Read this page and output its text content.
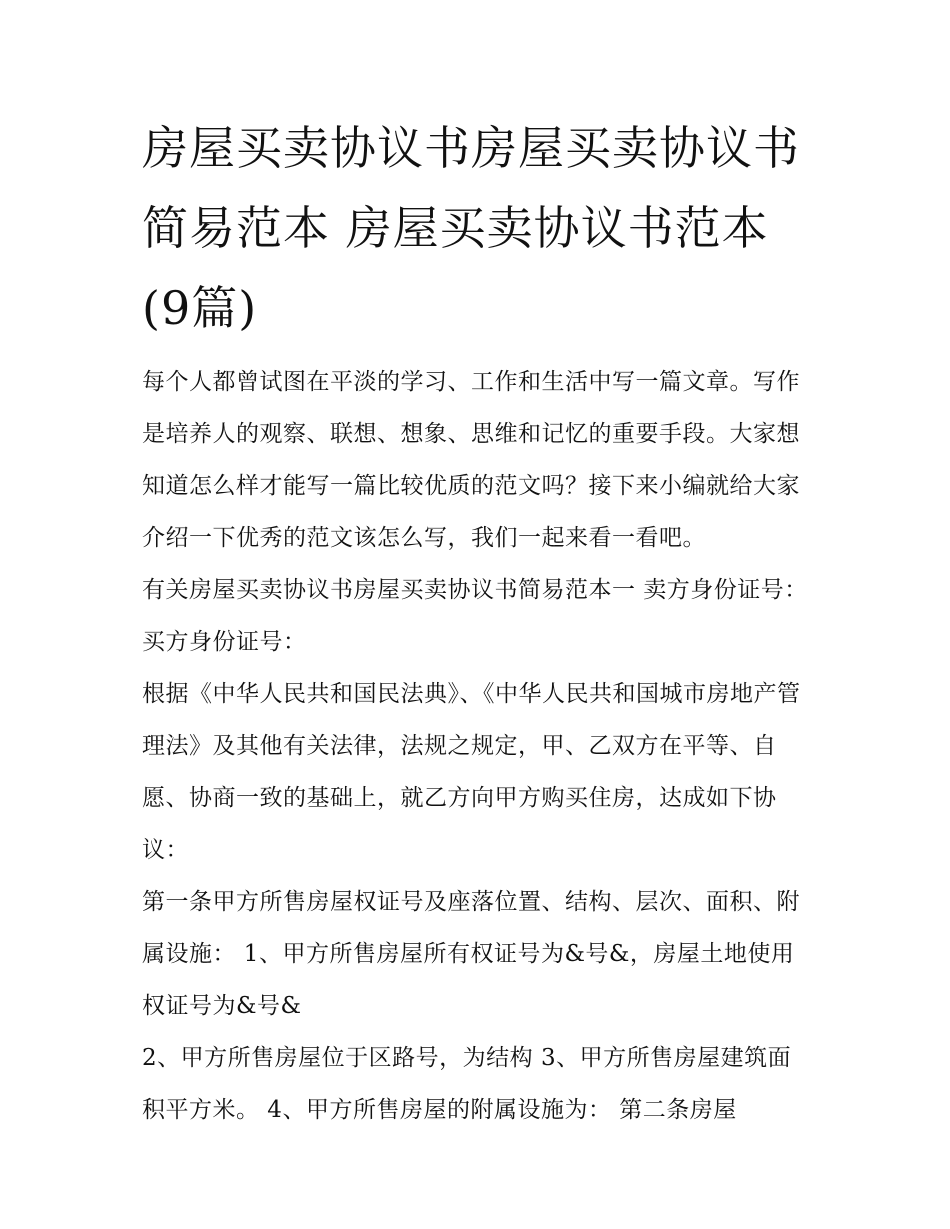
房屋买卖协议书房屋买卖协议书简易范本 房屋买卖协议书范本(9篇)

每个人都曾试图在平淡的学习、工作和生活中写一篇文章。写作是培养人的观察、联想、想象、思维和记忆的重要手段。大家想知道怎么样才能写一篇比较优质的范文吗？接下来小编就给大家介绍一下优秀的范文该怎么写，我们一起来看一看吧。

有关房屋买卖协议书房屋买卖协议书简易范本一 卖方身份证号： 买方身份证号：

根据《中华人民共和国民法典》、《中华人民共和国城市房地产管理法》及其他有关法律，法规之规定，甲、乙双方在平等、自愿、协商一致的基础上，就乙方向甲方购买住房，达成如下协议：

第一条甲方所售房屋权证号及座落位置、结构、层次、面积、附属设施： 1、甲方所售房屋所有权证号为&号&，房屋土地使用权证号为&号&

2、甲方所售房屋位于区路号，为结构 3、甲方所售房屋建筑面积平方米。 4、甲方所售房屋的附属设施为： 第二条房屋
